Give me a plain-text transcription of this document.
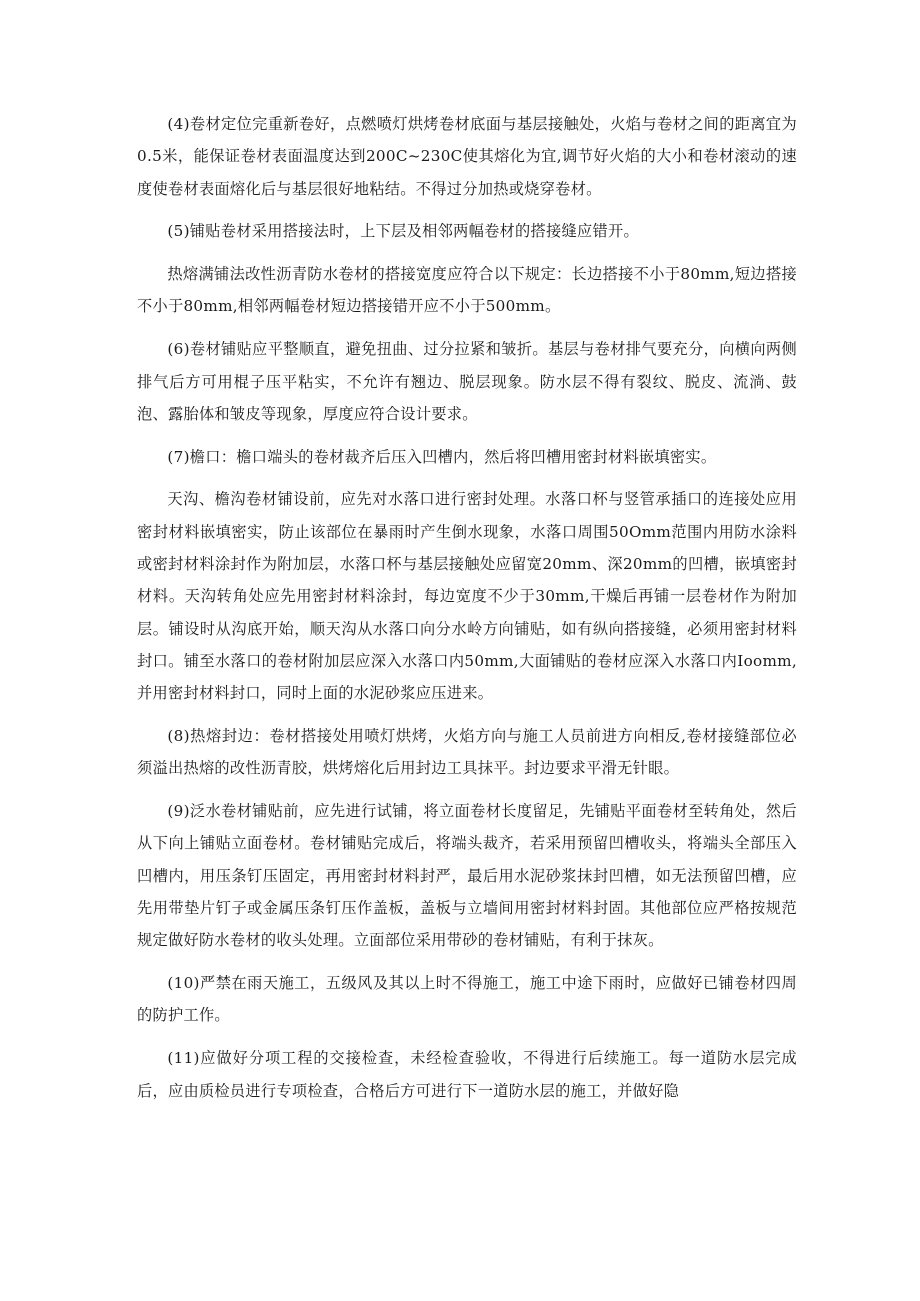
(4)卷材定位完重新卷好，点燃喷灯烘烤卷材底面与基层接触处，火焰与卷材之间的距离宜为0.5米，能保证卷材表面温度达到200C~230C使其熔化为宜,调节好火焰的大小和卷材滚动的速度使卷材表面熔化后与基层很好地粘结。不得过分加热或烧穿卷材。

(5)铺贴卷材采用搭接法时，上下层及相邻两幅卷材的搭接缝应错开。

热熔满铺法改性沥青防水卷材的搭接宽度应符合以下规定：长边搭接不小于80mm,短边搭接不小于80mm,相邻两幅卷材短边搭接错开应不小于500mm。

(6)卷材铺贴应平整顺直，避免扭曲、过分拉紧和皱折。基层与卷材排气要充分，向横向两侧排气后方可用棍子压平粘实，不允许有翘边、脱层现象。防水层不得有裂纹、脱皮、流淌、鼓泡、露胎体和皱皮等现象，厚度应符合设计要求。

(7)檐口：檐口端头的卷材裁齐后压入凹槽内，然后将凹槽用密封材料嵌填密实。

天沟、檐沟卷材铺设前，应先对水落口进行密封处理。水落口杯与竖管承插口的连接处应用密封材料嵌填密实，防止该部位在暴雨时产生倒水现象，水落口周围50Omm范围内用防水涂料或密封材料涂封作为附加层，水落口杯与基层接触处应留宽20mm、深20mm的凹槽，嵌填密封材料。天沟转角处应先用密封材料涂封，每边宽度不少于30mm,干燥后再铺一层卷材作为附加层。铺设时从沟底开始，顺天沟从水落口向分水岭方向铺贴，如有纵向搭接缝，必须用密封材料封口。铺至水落口的卷材附加层应深入水落口内50mm,大面铺贴的卷材应深入水落口内Ioomm,并用密封材料封口，同时上面的水泥砂浆应压进来。

(8)热熔封边：卷材搭接处用喷灯烘烤，火焰方向与施工人员前进方向相反,卷材接缝部位必须溢出热熔的改性沥青胶，烘烤熔化后用封边工具抹平。封边要求平滑无针眼。

(9)泛水卷材铺贴前，应先进行试铺，将立面卷材长度留足，先铺贴平面卷材至转角处，然后从下向上铺贴立面卷材。卷材铺贴完成后，将端头裁齐，若采用预留凹槽收头，将端头全部压入凹槽内，用压条钉压固定，再用密封材料封严，最后用水泥砂浆抹封凹槽，如无法预留凹槽，应先用带垫片钉子或金属压条钉压作盖板，盖板与立墙间用密封材料封固。其他部位应严格按规范规定做好防水卷材的收头处理。立面部位采用带砂的卷材铺贴，有利于抹灰。

(10)严禁在雨天施工，五级风及其以上时不得施工，施工中途下雨时，应做好已铺卷材四周的防护工作。

(11)应做好分项工程的交接检查，未经检查验收，不得进行后续施工。每一道防水层完成后，应由质检员进行专项检查，合格后方可进行下一道防水层的施工，并做好隐
